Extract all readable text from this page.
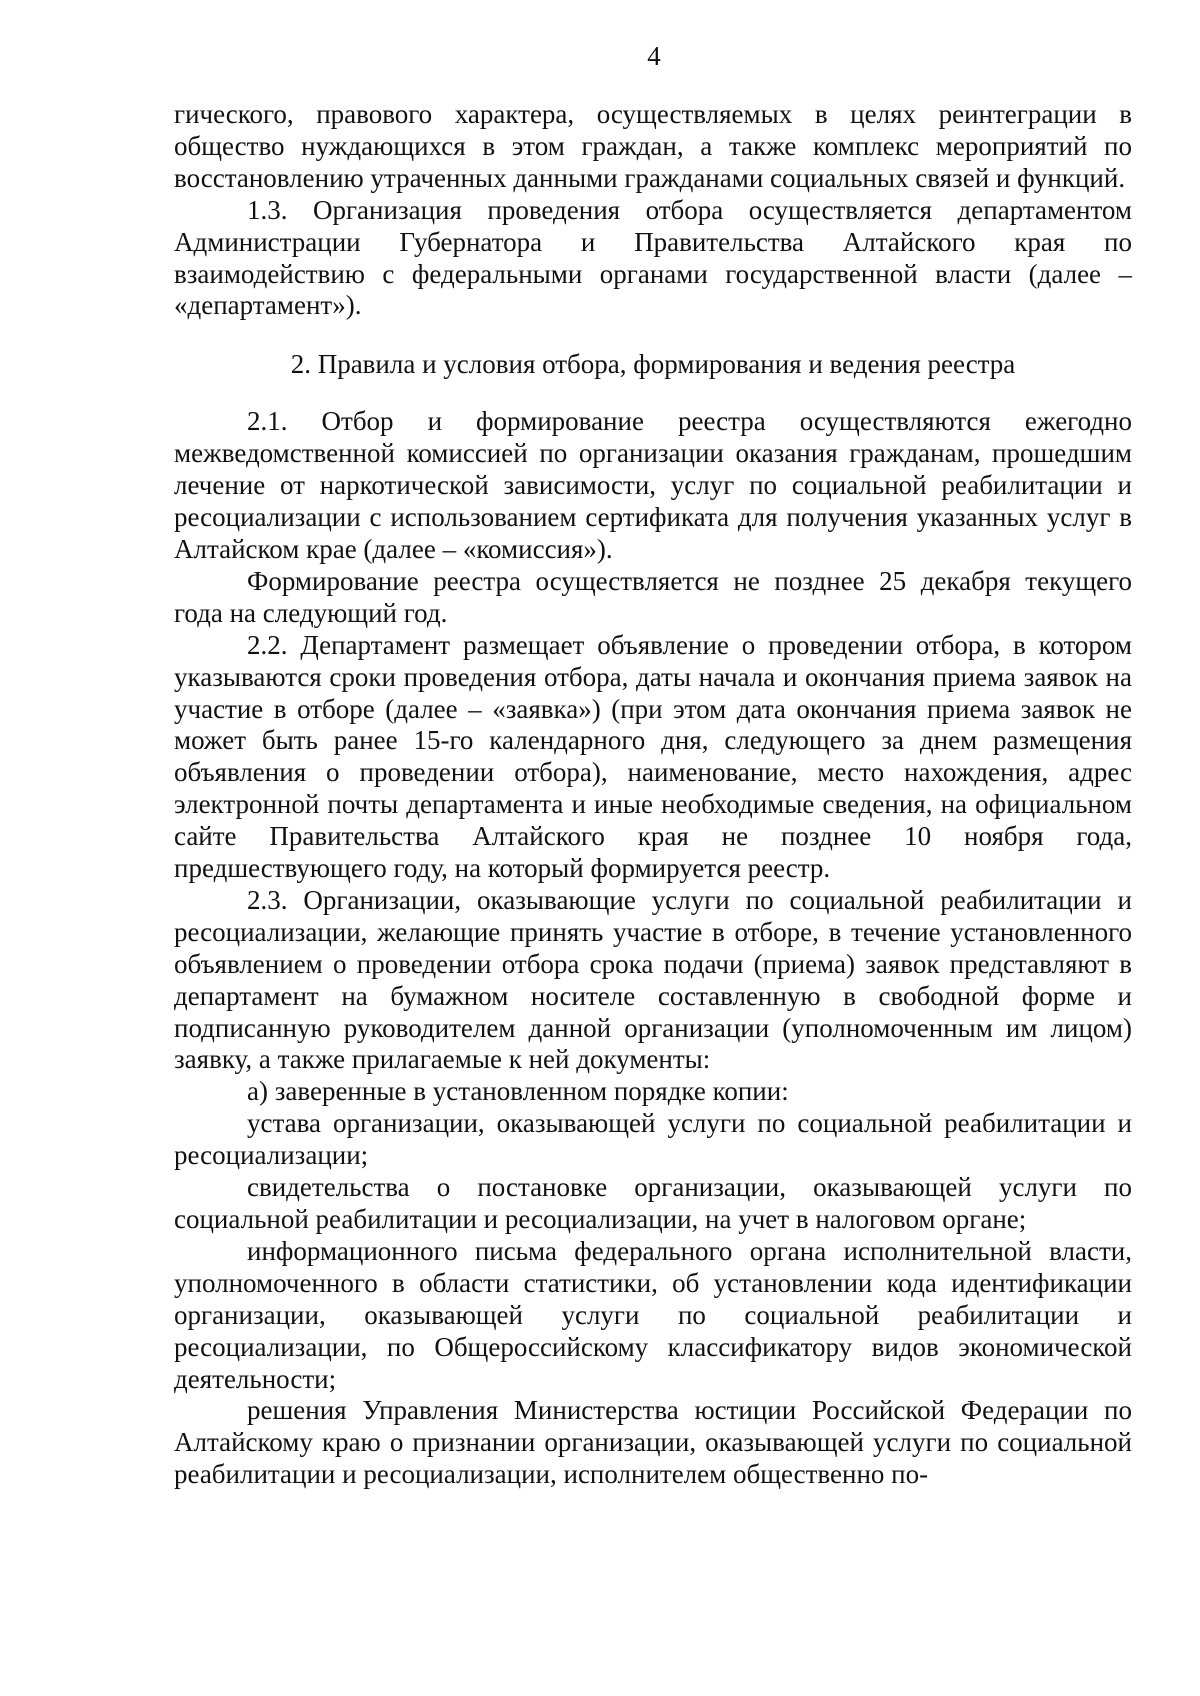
4

гического, правового характера, осуществляемых в целях реинтеграции в общество нуждающихся в этом граждан, а также комплекс мероприятий по восстановлению утраченных данными гражданами социальных связей и функций.

1.3. Организация проведения отбора осуществляется департаментом Администрации Губернатора и Правительства Алтайского края по взаимодействию с федеральными органами государственной власти (далее – «департамент»).

2. Правила и условия отбора, формирования и ведения реестра

2.1. Отбор и формирование реестра осуществляются ежегодно межведомственной комиссией по организации оказания гражданам, прошедшим лечение от наркотической зависимости, услуг по социальной реабилитации и ресоциализации с использованием сертификата для получения указанных услуг в Алтайском крае (далее – «комиссия»).

Формирование реестра осуществляется не позднее 25 декабря текущего года на следующий год.

2.2. Департамент размещает объявление о проведении отбора, в котором указываются сроки проведения отбора, даты начала и окончания приема заявок на участие в отборе (далее – «заявка») (при этом дата окончания приема заявок не может быть ранее 15-го календарного дня, следующего за днем размещения объявления о проведении отбора), наименование, место нахождения, адрес электронной почты департамента и иные необходимые сведения, на официальном сайте Правительства Алтайского края не позднее 10 ноября года, предшествующего году, на который формируется реестр.

2.3. Организации, оказывающие услуги по социальной реабилитации и ресоциализации, желающие принять участие в отборе, в течение установленного объявлением о проведении отбора срока подачи (приема) заявок представляют в департамент на бумажном носителе составленную в свободной форме и подписанную руководителем данной организации (уполномоченным им лицом) заявку, а также прилагаемые к ней документы:

а) заверенные в установленном порядке копии:

устава организации, оказывающей услуги по социальной реабилитации и ресоциализации;

свидетельства о постановке организации, оказывающей услуги по социальной реабилитации и ресоциализации, на учет в налоговом органе;

информационного письма федерального органа исполнительной власти, уполномоченного в области статистики, об установлении кода идентификации организации, оказывающей услуги по социальной реабилитации и ресоциализации, по Общероссийскому классификатору видов экономической деятельности;

решения Управления Министерства юстиции Российской Федерации по Алтайскому краю о признании организации, оказывающей услуги по социальной реабилитации и ресоциализации, исполнителем общественно по-
